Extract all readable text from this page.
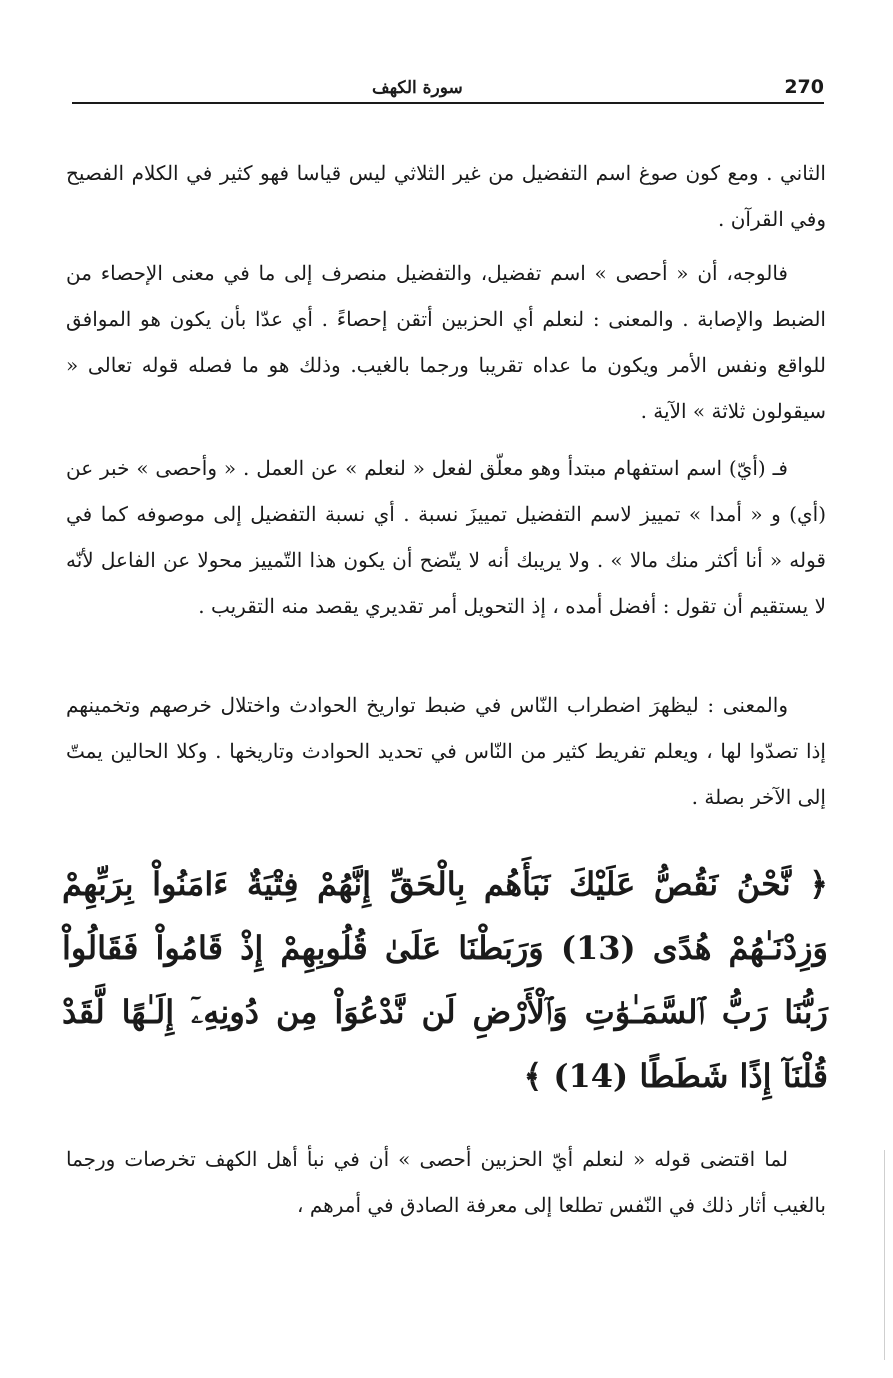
سورة الكهف	270

الثاني . ومع كون صوغ اسم التفضيل من غير الثلاثي ليس قياسا فهو كثير في الكلام الفصيح وفي القرآن .

فالوجه، أن « أحصى » اسم تفضيل، والتفضيل منصرف إلى ما في معنى الإحصاء من الضبط والإصابة . والمعنى : لنعلم أي الحزبين أتقن إحصاءً . أي عدّا بأن يكون هو الموافق للواقع ونفس الأمر ويكون ما عداه تقريبا ورجما بالغيب. وذلك هو ما فصله قوله تعالى « سيقولون ثلاثة » الآية .

فـ (أيّ) اسم استفهام مبتدأ وهو معلّق لفعل « لنعلم » عن العمل . « وأحصى » خبر عن (أي) و « أمدا » تمييز لاسم التفضيل تمييزَ نسبة . أي نسبة التفضيل إلى موصوفه كما في قوله « أنا أكثر منك مالا » . ولا يريبك أنه لا يتّضح أن يكون هذا التّمييز محولا عن الفاعل لأنّه لا يستقيم أن تقول : أفضل أمده ، إذ التحويل أمر تقديري يقصد منه التقريب .

والمعنى : ليظهرَ اضطراب النّاس في ضبط تواريخ الحوادث واختلال خرصهم وتخمينهم إذا تصدّوا لها ، ويعلم تفريط كثير من النّاس في تحديد الحوادث وتاريخها . وكلا الحالين يمتّ إلى الآخر بصلة .

﴿ نَّحْنُ نَقُصُّ عَلَيْكَ نَبَأَهُم بِالْحَقِّ إِنَّهُمْ فِتْيَةٌ ءَامَنُواْ بِرَبِّهِمْ وَزِدْنَـٰهُمْ هُدًى (13) وَرَبَطْنَا عَلَىٰ قُلُوبِهِمْ إِذْ قَامُواْ فَقَالُواْ رَبُّنَا رَبُّ ٱلسَّمَـٰوَٰتِ وَٱلْأَرْضِ لَن نَّدْعُوَاْ مِن دُونِهِۦٓ إِلَـٰهًا لَّقَدْ قُلْنَآ إِذًا شَطَطًا (14) ﴾

لما اقتضى قوله « لنعلم أيّ الحزبين أحصى » أن في نبأ أهل الكهف تخرصات ورجما بالغيب أثار ذلك في النّفس تطلعا إلى معرفة الصادق في أمرهم ،
